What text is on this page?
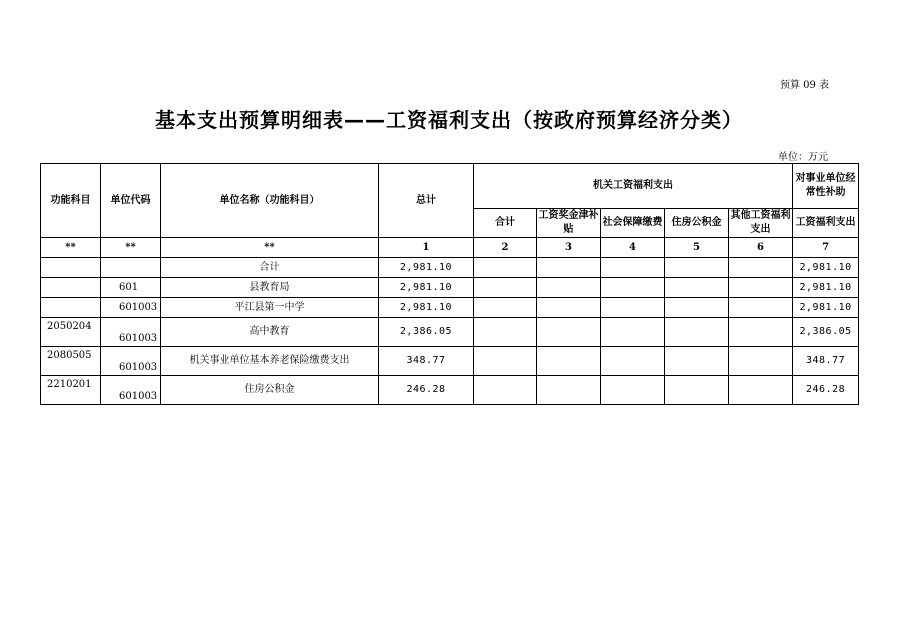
预算 09 表
基本支出预算明细表——工资福利支出（按政府预算经济分类）
单位：万元
功能科目	单位代码	单位名称（功能科目）	总计	机关工资福利支出					对事业单位经常性补助
				合计	工资奖金津补贴	社会保障缴费	住房公积金	其他工资福利支出	工资福利支出
**	**	**	1	2	3	4	5	6	7
		合计	2,981.10						2,981.10
	601	县教育局	2,981.10						2,981.10
	601003	平江县第一中学	2,981.10						2,981.10
2050204	601003	高中教育	2,386.05						2,386.05
2080505	601003	机关事业单位基本养老保险缴费支出	348.77						348.77
2210201	601003	住房公积金	246.28						246.28
